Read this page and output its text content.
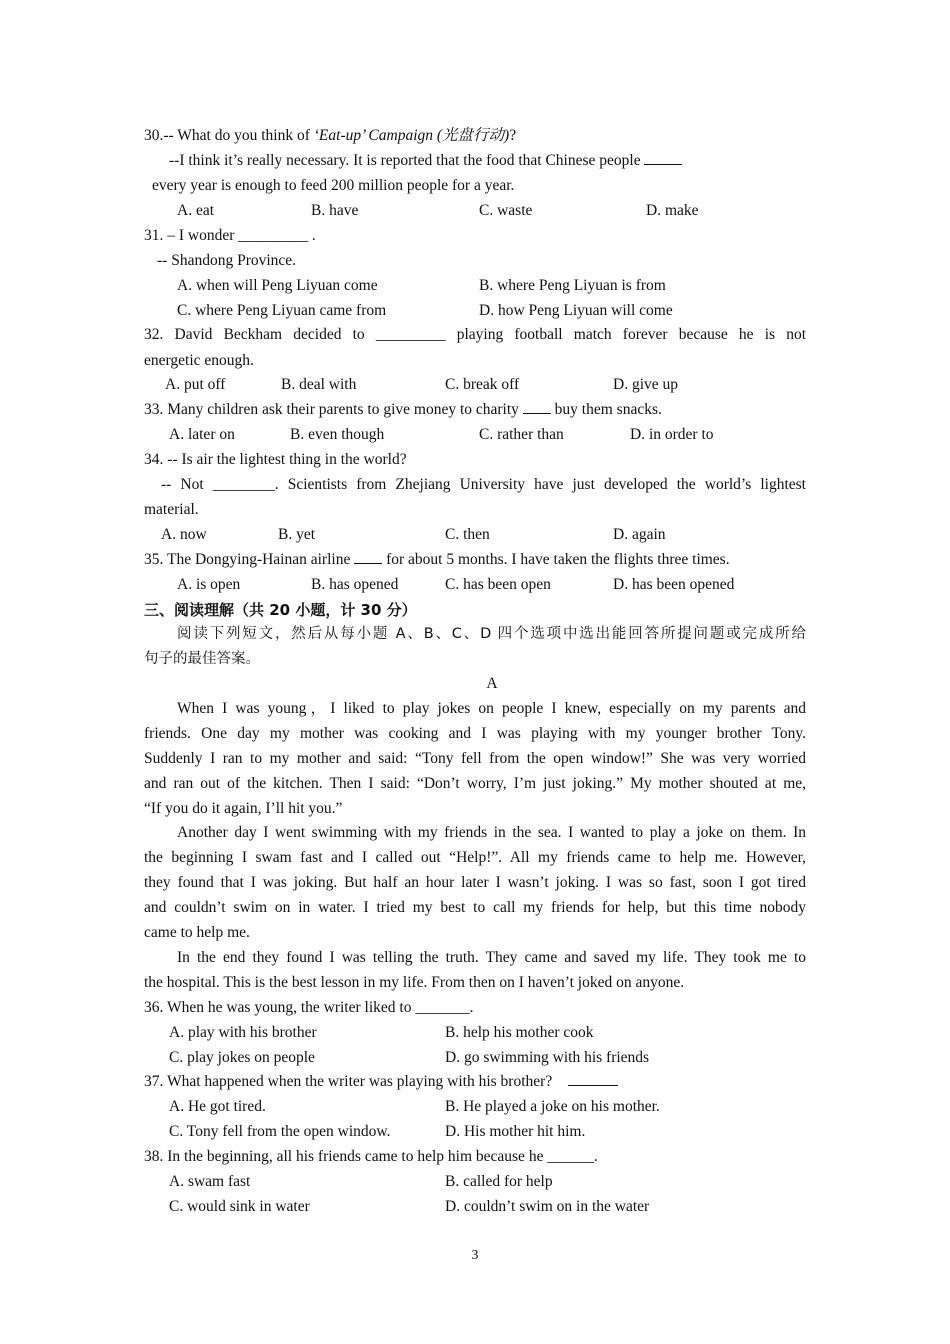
30.-- What do you think of ‘Eat-up’ Campaign (光盘行动)?
--I think it’s really necessary. It is reported that the food that Chinese people
every year is enough to feed 200 million people for a year.
A. eat	B. have	C. waste	D. make
31. – I wonder _________ .
-- Shandong Province.
A. when will Peng Liyuan come	B. where Peng Liyuan is from
C. where Peng Liyuan came from	D. how Peng Liyuan will come
32. David Beckham decided to _________ playing football match forever because he is not
energetic enough.
A. put off	B. deal with	C. break off	D. give up
33. Many children ask their parents to give money to charity buy them snacks.
A. later on	B. even though	C. rather than	D. in order to
34. -- Is air the lightest thing in the world?
-- Not ________. Scientists from Zhejiang University have just developed the world’s lightest
material.
A. now	B. yet	C. then	D. again
35. The Dongying-Hainan airline for about 5 months. I have taken the flights three times.
A. is open	B. has opened	C. has been open	D. has been opened
三、阅读理解（共 20 小题，计 30 分）
阅读下列短文，然后从每小题 A、B、C、D 四个选项中选出能回答所提问题或完成所给
句子的最佳答案。
A
When I was young，I liked to play jokes on people I knew, especially on my parents and
friends. One day my mother was cooking and I was playing with my younger brother Tony.
Suddenly I ran to my mother and said: “Tony fell from the open window!” She was very worried
and ran out of the kitchen. Then I said: “Don’t worry, I’m just joking.” My mother shouted at me,
“If you do it again, I’ll hit you.”
Another day I went swimming with my friends in the sea. I wanted to play a joke on them. In
the beginning I swam fast and I called out “Help!”. All my friends came to help me. However,
they found that I was joking. But half an hour later I wasn’t joking. I was so fast, soon I got tired
and couldn’t swim on in water. I tried my best to call my friends for help, but this time nobody
came to help me.
In the end they found I was telling the truth. They came and saved my life. They took me to
the hospital. This is the best lesson in my life. From then on I haven’t joked on anyone.
36. When he was young, the writer liked to _______.
A. play with his brother	B. help his mother cook
C. play jokes on people	D. go swimming with his friends
37. What happened when the writer was playing with his brother?
A. He got tired.	B. He played a joke on his mother.
C. Tony fell from the open window.	D. His mother hit him.
38. In the beginning, all his friends came to help him because he ______.
A. swam fast	B. called for help
C. would sink in water	D. couldn’t swim on in the water
3
